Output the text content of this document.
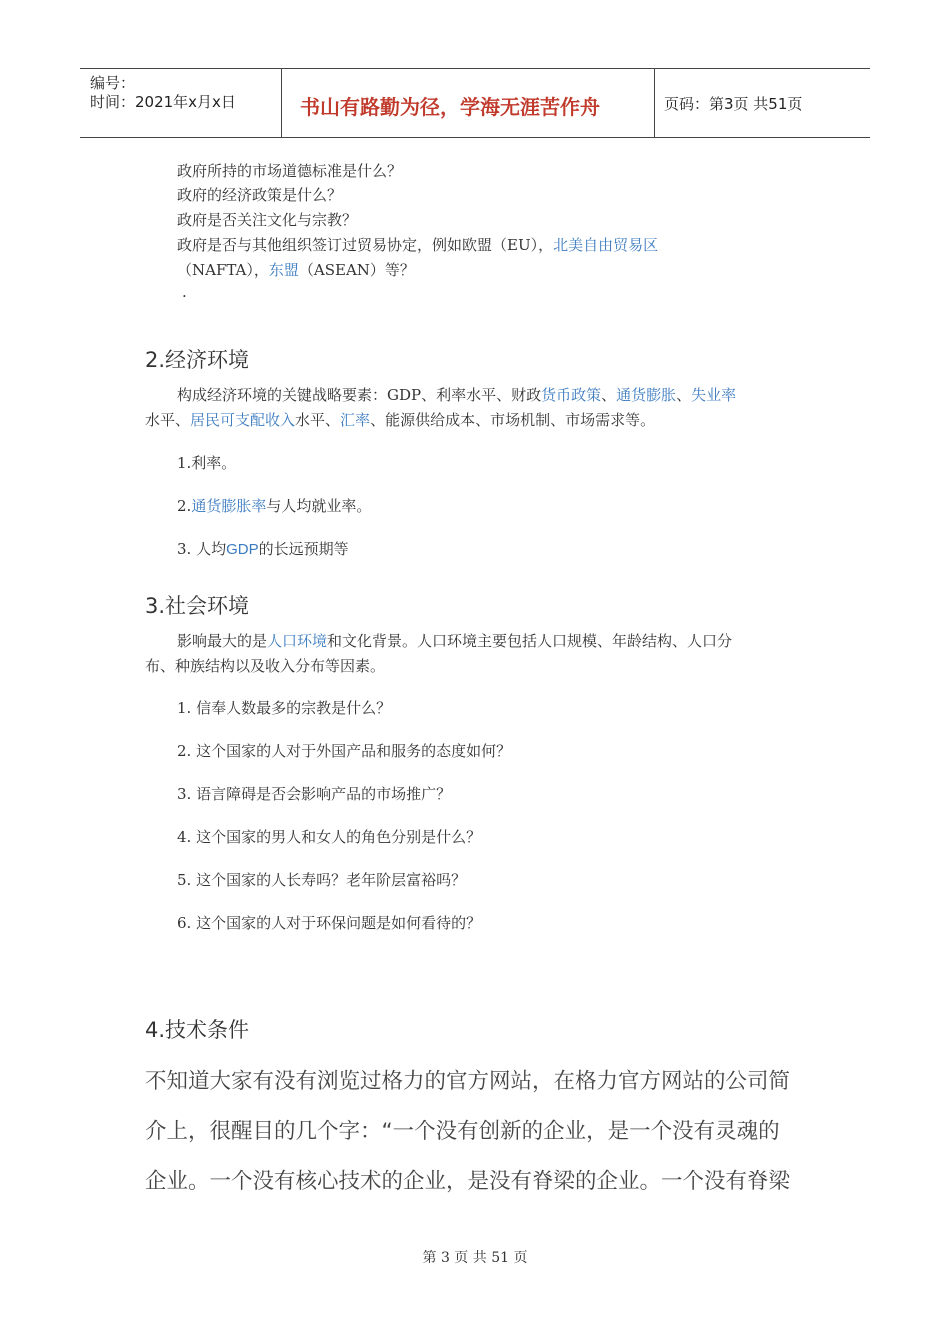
编号：
时间：2021年x月x日	书山有路勤为径，学海无涯苦作舟	页码：第3页 共51页
政府所持的市场道德标准是什么？
政府的经济政策是什么？
政府是否关注文化与宗教？
政府是否与其他组织签订过贸易协定，例如欧盟（EU），北美自由贸易区
（NAFTA），东盟（ASEAN）等？
·
2.经济环境
构成经济环境的关键战略要素：GDP、利率水平、财政货币政策、通货膨胀、失业率
水平、居民可支配收入水平、汇率、能源供给成本、市场机制、市场需求等。
1.利率。
2.通货膨胀率与人均就业率。
3. 人均GDP的长远预期等
3.社会环境
影响最大的是人口环境和文化背景。人口环境主要包括人口规模、年龄结构、人口分
布、种族结构以及收入分布等因素。
1. 信奉人数最多的宗教是什么？
2. 这个国家的人对于外国产品和服务的态度如何？
3. 语言障碍是否会影响产品的市场推广？
4. 这个国家的男人和女人的角色分别是什么？
5. 这个国家的人长寿吗？老年阶层富裕吗？
6. 这个国家的人对于环保问题是如何看待的？
4.技术条件
不知道大家有没有浏览过格力的官方网站，在格力官方网站的公司简
介上，很醒目的几个字：“一个没有创新的企业，是一个没有灵魂的
企业。一个没有核心技术的企业，是没有脊梁的企业。一个没有脊梁
第 3 页 共 51 页
